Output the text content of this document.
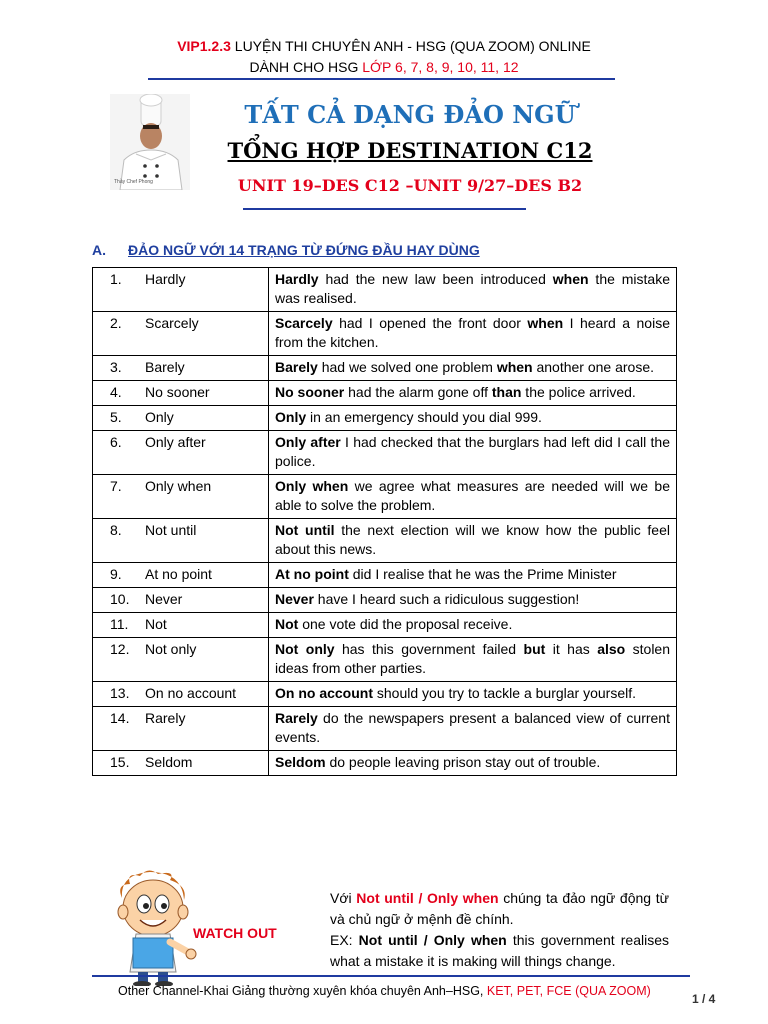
VIP1.2.3 LUYỆN THI CHUYÊN ANH - HSG (QUA ZOOM) ONLINE
DÀNH CHO HSG LỚP 6, 7, 8, 9, 10, 11, 12
Thầy Chef Phong
TẤT CẢ DẠNG ĐẢO NGỮ
TỔNG HỢP DESTINATION C12
UNIT 19–DES C12 –UNIT 9/27–DES B2
A. ĐẢO NGỮ VỚI 14 TRẠNG TỪ ĐỨNG ĐẦU HAY DÙNG
1. Hardly	Hardly had the new law been introduced when the mistake was realised.
2. Scarcely	Scarcely had I opened the front door when I heard a noise from the kitchen.
3. Barely	Barely had we solved one problem when another one arose.
4. No sooner	No sooner had the alarm gone off than the police arrived.
5. Only	Only in an emergency should you dial 999.
6. Only after	Only after I had checked that the burglars had left did I call the police.
7. Only when	Only when we agree what measures are needed will we be able to solve the problem.
8. Not until	Not until the next election will we know how the public feel about this news.
9. At no point	At no point did I realise that he was the Prime Minister
10. Never	Never have I heard such a ridiculous suggestion!
11. Not	Not one vote did the proposal receive.
12. Not only	Not only has this government failed but it has also stolen ideas from other parties.
13. On no account	On no account should you try to tackle a burglar yourself.
14. Rarely	Rarely do the newspapers present a balanced view of current events.
15. Seldom	Seldom do people leaving prison stay out of trouble.
WATCH OUT
Với Not until / Only when chúng ta đảo ngữ động từ và chủ ngữ ở mệnh đề chính.
EX: Not until / Only when this government realises what a mistake it is making will things change.
Other Channel-Khai Giảng thường xuyên khóa chuyên Anh–HSG, KET, PET, FCE (QUA ZOOM)
1 / 4
